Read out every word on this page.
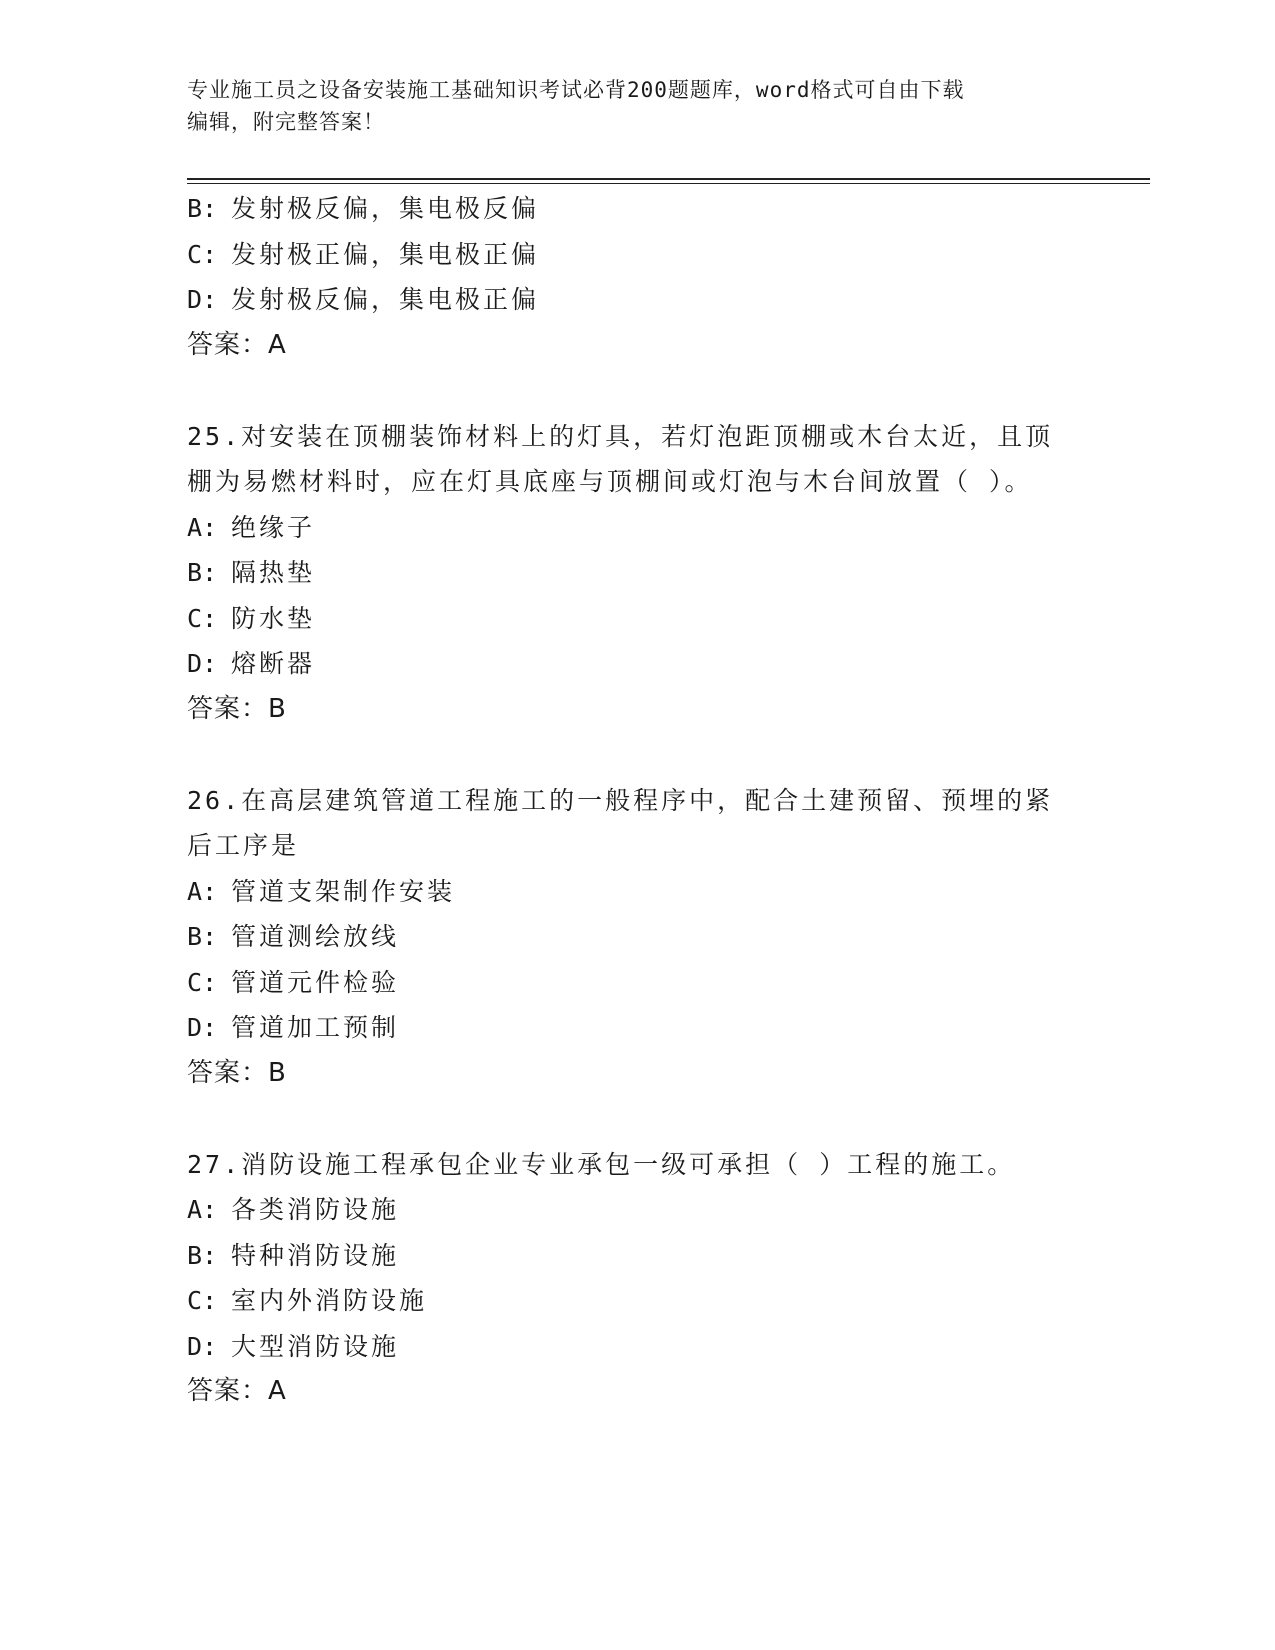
专业施工员之设备安装施工基础知识考试必背200题题库，word格式可自由下载
编辑，附完整答案！
B: 发射极反偏，集电极反偏
C: 发射极正偏，集电极正偏
D: 发射极反偏，集电极正偏
答案：A
25.对安装在顶棚装饰材料上的灯具，若灯泡距顶棚或木台太近，且顶
棚为易燃材料时，应在灯具底座与顶棚间或灯泡与木台间放置（ ）。
A: 绝缘子
B: 隔热垫
C: 防水垫
D: 熔断器
答案：B
26.在高层建筑管道工程施工的一般程序中，配合土建预留、预埋的紧
后工序是
A: 管道支架制作安装
B: 管道测绘放线
C: 管道元件检验
D: 管道加工预制
答案：B
27.消防设施工程承包企业专业承包一级可承担（ ）工程的施工。
A: 各类消防设施
B: 特种消防设施
C: 室内外消防设施
D: 大型消防设施
答案：A
